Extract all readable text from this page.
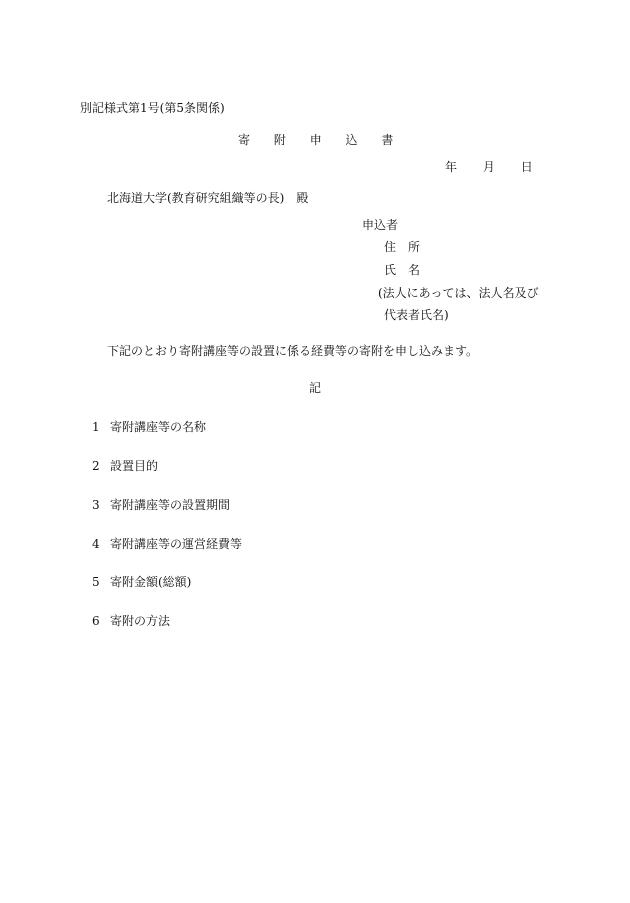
別記様式第1号(第5条関係)
寄 附 申 込 書
年 月 日
北海道大学(教育研究組織等の長)　殿
申込者
住　所
氏　名
(法人にあっては、法人名及び
代表者氏名)
下記のとおり寄附講座等の設置に係る経費等の寄附を申し込みます。
記
1 寄附講座等の名称
2 設置目的
3 寄附講座等の設置期間
4 寄附講座等の運営経費等
5 寄附金額(総額)
6 寄附の方法
